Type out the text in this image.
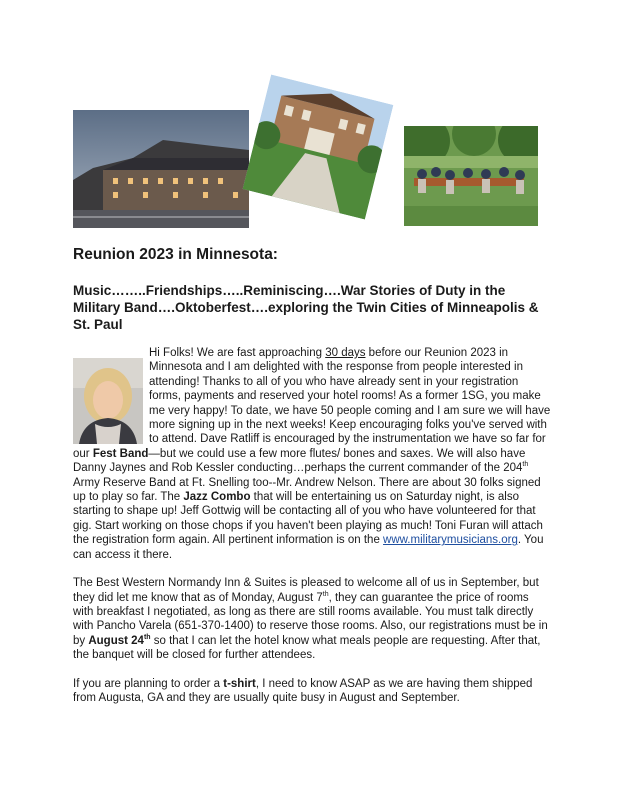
Reunion 2023 in Minnesota:
Music……..Friendships…..Reminiscing….War Stories of Duty in the Military Band….Oktoberfest….exploring the Twin Cities of Minneapolis & St. Paul

Hi Folks! We are fast approaching 30 days before our Reunion 2023 in Minnesota and I am delighted with the response from people interested in attending! Thanks to all of you who have already sent in your registration forms, payments and reserved your hotel rooms! As a former 1SG, you make me very happy! To date, we have 50 people coming and I am sure we will have more signing up in the next weeks! Keep encouraging folks you've served with to attend. Dave Ratliff is encouraged by the instrumentation we have so far for our Fest Band—but we could use a few more flutes/ bones and saxes. We will also have Danny Jaynes and Rob Kessler conducting…perhaps the current commander of the 204th Army Reserve Band at Ft. Snelling too--Mr. Andrew Nelson. There are about 30 folks signed up to play so far. The Jazz Combo that will be entertaining us on Saturday night, is also starting to shape up! Jeff Gottwig will be contacting all of you who have volunteered for that gig. Start working on those chops if you haven't been playing as much! Toni Furan will attach the registration form again. All pertinent information is on the www.militarymusicians.org. You can access it there.

The Best Western Normandy Inn & Suites is pleased to welcome all of us in September, but they did let me know that as of Monday, August 7th, they can guarantee the price of rooms with breakfast I negotiated, as long as there are still rooms available. You must talk directly with Pancho Varela (651-370-1400) to reserve those rooms. Also, our registrations must be in by August 24th so that I can let the hotel know what meals people are requesting. After that, the banquet will be closed for further attendees.

If you are planning to order a t-shirt, I need to know ASAP as we are having them shipped from Augusta, GA and they are usually quite busy in August and September.
